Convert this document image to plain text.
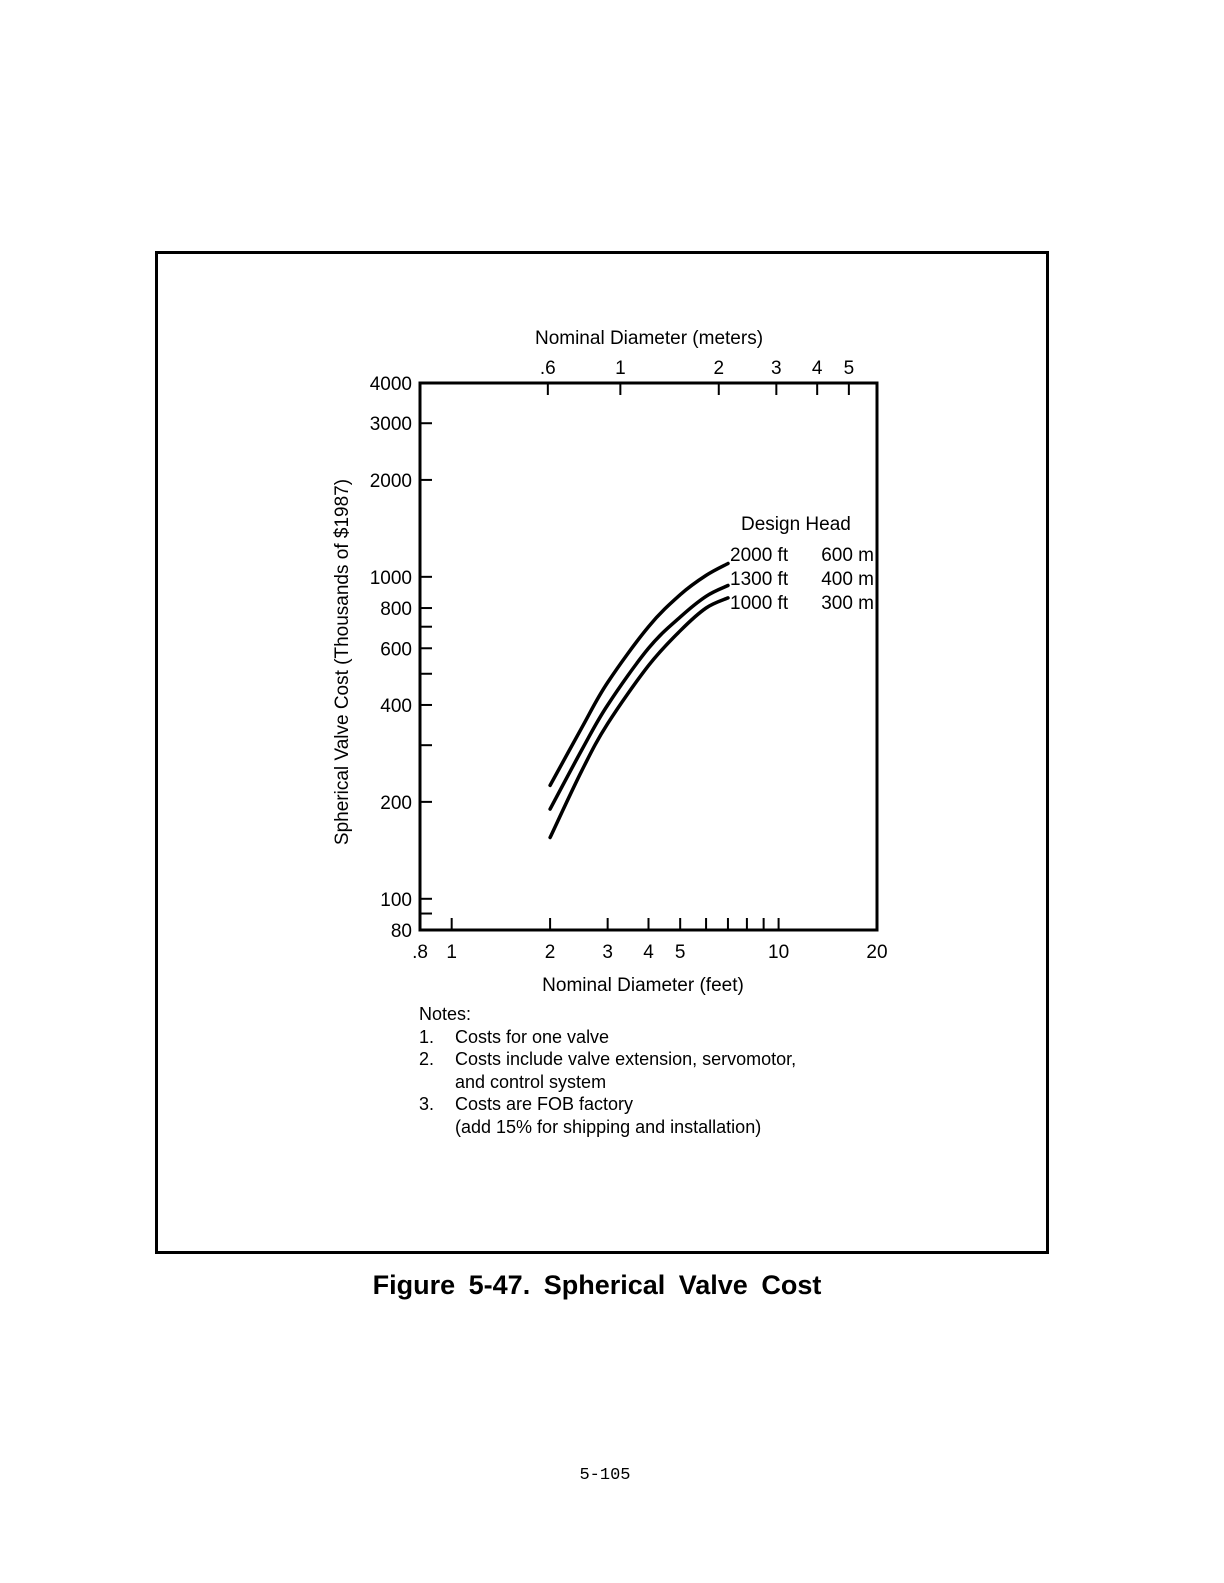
4000
3000
2000
1000
800
600
400
200
100
80
.8 1	2 3 4 5	10	20
.6	1	2 3 4 5
Nominal Diameter (meters)
Nominal Diameter (feet)
Spherical Valve Cost (Thousands of $1987)	Design Head
2000 ft 600 m
1300 ft 400 m
1000 ft 300 m
Notes:
1.	Costs for one valve
2.	Costs include valve extension, servomotor,
and control system
3.	Costs are FOB factory
(add 15% for shipping and installation)
Figure 5-47. Spherical Valve Cost
5-105
